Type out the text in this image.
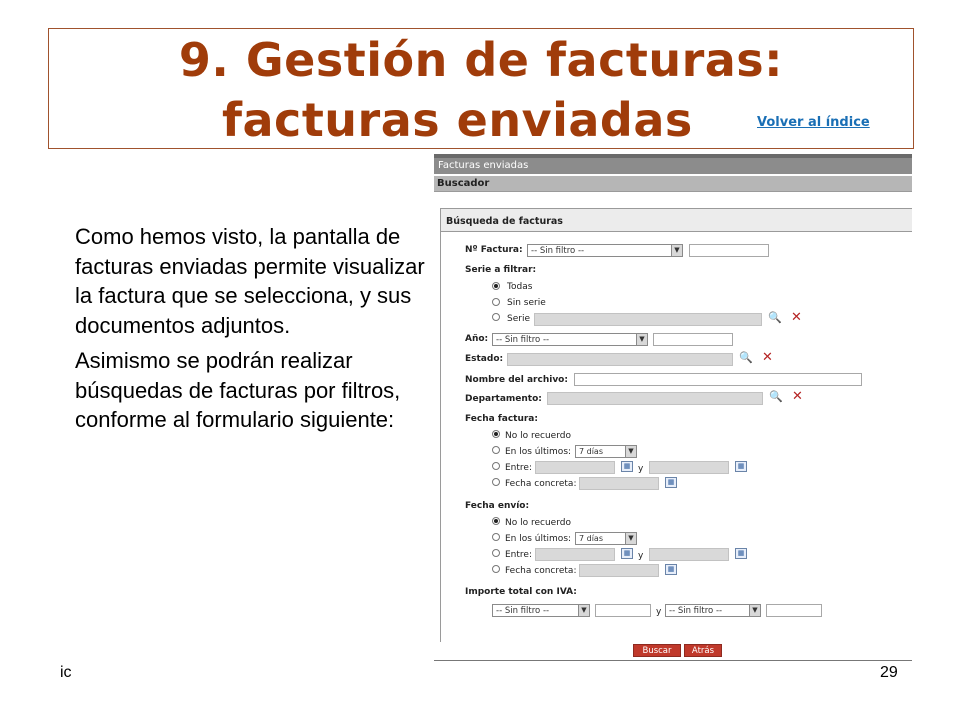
9. Gestión de facturas:
facturas enviadas	Volver al índice

Como hemos visto, la pantalla de facturas enviadas permite visualizar la factura que se selecciona, y sus documentos adjuntos.

Asimismo se podrán realizar búsquedas de facturas por filtros, conforme al formulario siguiente:

Facturas enviadas
Buscador
Búsqueda de facturas
Nº Factura: -- Sin filtro --	▼
Serie a filtrar:
Todas
Sin serie
Serie	🔍 ✕
Año: -- Sin filtro --	▼
Estado:	🔍 ✕
Nombre del archivo:
Departamento:	🔍 ✕
Fecha factura:
No lo recuerdo
En los últimos: 7 días	▼
Entre:	▦ y	▦
Fecha concreta:	▦
Fecha envío:
No lo recuerdo
En los últimos: 7 días	▼
Entre:	▦ y	▦
Fecha concreta:	▦
Importe total con IVA:
-- Sin filtro --	▼	y -- Sin filtro --	▼
Buscar	Atrás
ic	29
